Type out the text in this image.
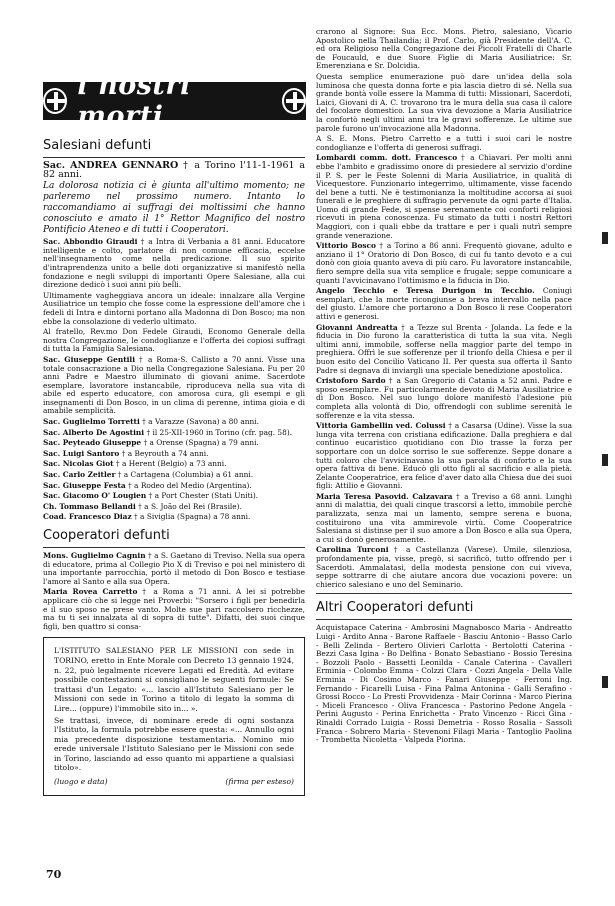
i nostri morti
Salesiani defunti

Sac. ANDREA GENNARO † a Torino l'11-1-1961 a 82 anni.

La dolorosa notizia ci è giunta all'ultimo momento; ne parleremo nel prossimo numero. Intanto lo raccomandiamo ai suffragi dei moltissimi che hanno conosciuto e amato il 1° Rettor Magnifico del nostro Pontificio Ateneo e di tutti i Cooperatori.

Sac. Abbondio Giraudi † a Intra di Verbania a 81 anni. Educatore intelligente e colto, parlatore di non comune efficacia, eccelse nell'insegnamento come nella predicazione. Il suo spirito d'intraprendenza unito a belle doti organizzative si manifestò nella fondazione e negli sviluppi di importanti Opere Salesiane, alla cui direzione dedicò i suoi anni più belli.

Ultimamente vagheggiava ancora un ideale: innalzare alla Vergine Ausiliatrice un tempio che fosse come la espressione dell'amore che i fedeli di Intra e dintorni portano alla Madonna di Don Bosco; ma non ebbe la consolazione di vederlo ultimato.

Al fratello, Rev.mo Don Fedele Giraudi, Economo Generale della nostra Congregazione, le condoglianze e l'offerta dei copiosi suffragi di tutta la Famiglia Salesiana.

Sac. Giuseppe Gentili † a Roma-S. Callisto a 70 anni. Visse una totale consacrazione a Dio nella Congregazione Salesiana. Fu per 20 anni Padre e Maestro illuminato di giovani anime. Sacerdote esemplare, lavoratore instancabile, riproduceva nella sua vita di abile ed esperto educatore, con amorosa cura, gli esempi e gli insegnamenti di Don Bosco, in un clima di perenne, intima gioia e di amabile semplicità.

Sac. Guglielmo Torretti † a Varazze (Savona) a 80 anni.

Sac. Alberto De Agostini † il 25-XII-1960 in Torino (cfr. pag. 58).

Sac. Peyteado Giuseppe † a Orense (Spagna) a 79 anni.

Sac. Luigi Santoro † a Beyrouth a 74 anni.

Sac. Nicolas Giot † a Herent (Belgio) a 73 anni.

Sac. Carlo Zeitler † a Cartagena (Columbia) a 61 anni.

Sac. Giuseppe Festa † a Rodeo del Medio (Argentina).

Sac. Giacomo O' Lougien † a Port Chester (Stati Uniti).

Ch. Tommaso Bellandi † a S. João del Rei (Brasile).

Coad. Francesco Diaz † a Siviglia (Spagna) a 78 anni.

Cooperatori defunti

Mons. Guglielmo Cagnin † a S. Gaetano di Treviso. Nella sua opera di educatore, prima al Collegio Pio X di Treviso e poi nel ministero di una importante parrocchia, portò il metodo di Don Bosco e testiase l'amore al Santo e alla sua Opera.

Maria Rovea Carretto † a Roma a 71 anni. A lei si potrebbe applicare ciò che si legge nei Proverbi: "Sorsero i figli per benedirla e il suo sposo ne prese vanto. Molte sue pari raccolsero ricchezze, ma tu ti sei innalzata al di sopra di tutte". Difatti, dei suoi cinque figli, ben quattro si consa-

L'ISTITUTO SALESIANO PER LE MISSIONI con sede in TORINO, eretto in Ente Morale con Decreto 13 gennaio 1924, n. 22, può legalmente ricevere Legati ed Eredità. Ad evitare possibile contestazioni si consigliano le seguenti formule: Se trattasi d'un Legato: «... lascio all'Istituto Salesiano per le Missioni con sede in Torino a titolo di legato la somma di Lire... (oppure) l'immobile sito in... ».

Se trattasi, invece, di nominare erede di ogni sostanza l'Istituto, la formula potrebbe essere questa: «... Annullo ogni mia precedente disposizione testamentaria. Nomino mio erede universale l'Istituto Salesiano per le Missioni con sede in Torino, lasciando ad esso quanto mi appartiene a qualsiasi titolo».

(luogo e data)	(firma per esteso)
70

crarono al Signore: Sua Ecc. Mons. Pietro, salesiano, Vicario Apostolico nella Thailandia; il Prof. Carlo, già Presidente dell'A. C. ed ora Religioso nella Congregazione dei Piccoli Fratelli di Charle de Foucauld, e due Suore Figlie di Maria Ausiliatrice: Sr. Emerenziana e Sr. Dolcidia.

Questa semplice enumerazione può dare un'idea della sola luminosa che questa donna forte e pia lascia dietro di sé. Nella sua grande bontà volle essere la Mamma di tutti: Missionari, Sacerdoti, Laici, Giovani di A. C. trovarono tra le mura della sua casa il calore del focolare domestico. La sua viva devozione a Maria Ausiliatrice la confortò negli ultimi anni tra le gravi sofferenze. Le ultime sue parole furono un'invocazione alla Madonna.

A S. E. Mons. Pietro Carretto e a tutti i suoi cari le nostre condoglianze e l'offerta di generosi suffragi.

Lombardi comm. dott. Francesco † a Chiavari. Per molti anni ebbe l'ambito e gradissimo onore di presiedere al servizio d'ordine il P. S. per le Feste Solenni di Maria Ausiliatrice, in qualità di Vicequestore. Funzionario integerrimo, ultimamente, visse facendo del bene a tutti. Ne è testimonianza la moltitudine accorsa ai suoi funerali e le preghiere di suffragio pervenute da ogni parte d'Italia. Uomo di grande Fede, si spense serenamente coi conforti religiosi ricevuti in piena conoscenza. Fu stimato da tutti i nostri Rettori Maggiori, con i quali ebbe da trattare e per i quali nutrì sempre grande venerazione.

Vittorio Bosco † a Torino a 86 anni. Frequentò giovane, adulto e anziano il 1° Oratorio di Don Bosco, di cui fu tanto devoto e a cui donò con gioia quanto aveva di più caro. Fu lavoratore instancabile, fiero sempre della sua vita semplice e frugale; seppe comunicare a quanti l'avvicinavano l'ottimismo e la fiducia in Dio.

Angelo Tecchio e Teresa Durigon in Tecchio. Coniugi esemplari, che la morte ricongiunse a breva intervallo nella pace del giusto. L'amore che portarono a Don Bosco li rese Cooperatori attivi e generosi.

Giovanni Andreatta † a Tezze sul Brenta - Jolanda. La fede e la fiducia in Dio furono la caratteristica di tutta la sua vita. Negli ultimi anni, immobile, sofferse nella maggior parte del tempo in preghiera. Offrì le sue sofferenze per il trionfo della Chiesa e per il buon esito del Concilio Vaticano II. Per questa sua offerta il Santo Padre si degnava di inviargli una speciale benedizione apostolica.

Cristoforo Sardo † a San Gregorio di Catania a 52 anni. Padre e sposo esemplare. Fu particolarmente devoto di Maria Ausiliatrice e di Don Bosco. Nel suo lungo dolore manifestò l'adesione più completa alla volontà di Dio, offrendogli con sublime serenità le sofferenze e la vita stessa.

Vittoria Gambellin ved. Colussi † a Casarsa (Udine). Visse la sua lunga vita terrena con cristiana edificazione. Dalla preghiera e dal continuo eucaristico quotidiano con Dio trasse la forza per sopportare con un dolce sorriso le sue sofferenze. Seppe donare a tutti coloro che l'avvicinavano la sua parola di conforto e la sua opera fattiva di bene. Educò gli otto figli al sacrificio e alla pietà. Zelante Cooperatrice, era felice d'aver dato alla Chiesa due dei suoi figli: Attilio e Giovanni.

Maria Teresa Pasovid. Calzavara † a Treviso a 68 anni. Lunghi anni di malattia, dei quali cinque trascorsi a letto, immobile perchè paralizzata, senza mai un lamento, sempre serena e buona, costituirono una vita ammirevole virtù. Come Cooperatrice Salesiana si distinse per il suo amore a Don Bosco e alla sua Opera, a cui si donò generosamente.

Carolina Turconi † a Castellanza (Varese). Umile, silenziosa, profondamente pia, visse, pregò, si sacrificò, tutto offrendo per i Sacerdoti. Ammalatasi, della modesta pensione con cui viveva, seppe sottrarre di che aiutare ancora due vocazioni povere: un chierico salesiano e uno del Seminario.

Altri Cooperatori defunti

Acquistapace Caterina - Ambrosini Magnabosco Maria - Andreatto Luigi - Ardito Anna - Barone Raffaele - Basciu Antonio - Basso Carlo - Belli Zelinda - Bertero Olivieri Carlotta - Bertolotti Caterina - Bezzi Casa Igina - Bo Delfina - Bonato Sebastiano - Bossio Teresina - Bozzoli Paolo - Bassetti Leonilda - Canale Caterina - Cavalleri Erminia - Colombo Emma - Colzzi Clara - Cozzi Angela - Della Valle Erminia - Di Cosimo Marco - Fanari Giuseppe - Ferroni Ing. Fernando - Ficarelli Luisa - Fina Palma Antonina - Galli Serafino - Grossi Rocco - Lo Presti Provvidenza - Mair Corinna - Marco Pierina - Miceli Francesco - Oliva Francesca - Pastorino Pedone Angela - Perini Augusto - Perina Enrichetta - Prato Vincenzo - Ricci Gina - Rinaldi Corrado Luigia - Rossi Demetria - Rosso Rosalia - Sassoli Franca - Sobrero Maria - Stevenoni Filagi Maria - Tantoglio Paolina - Trombetta Nicoletta - Valpeda Piorina.
